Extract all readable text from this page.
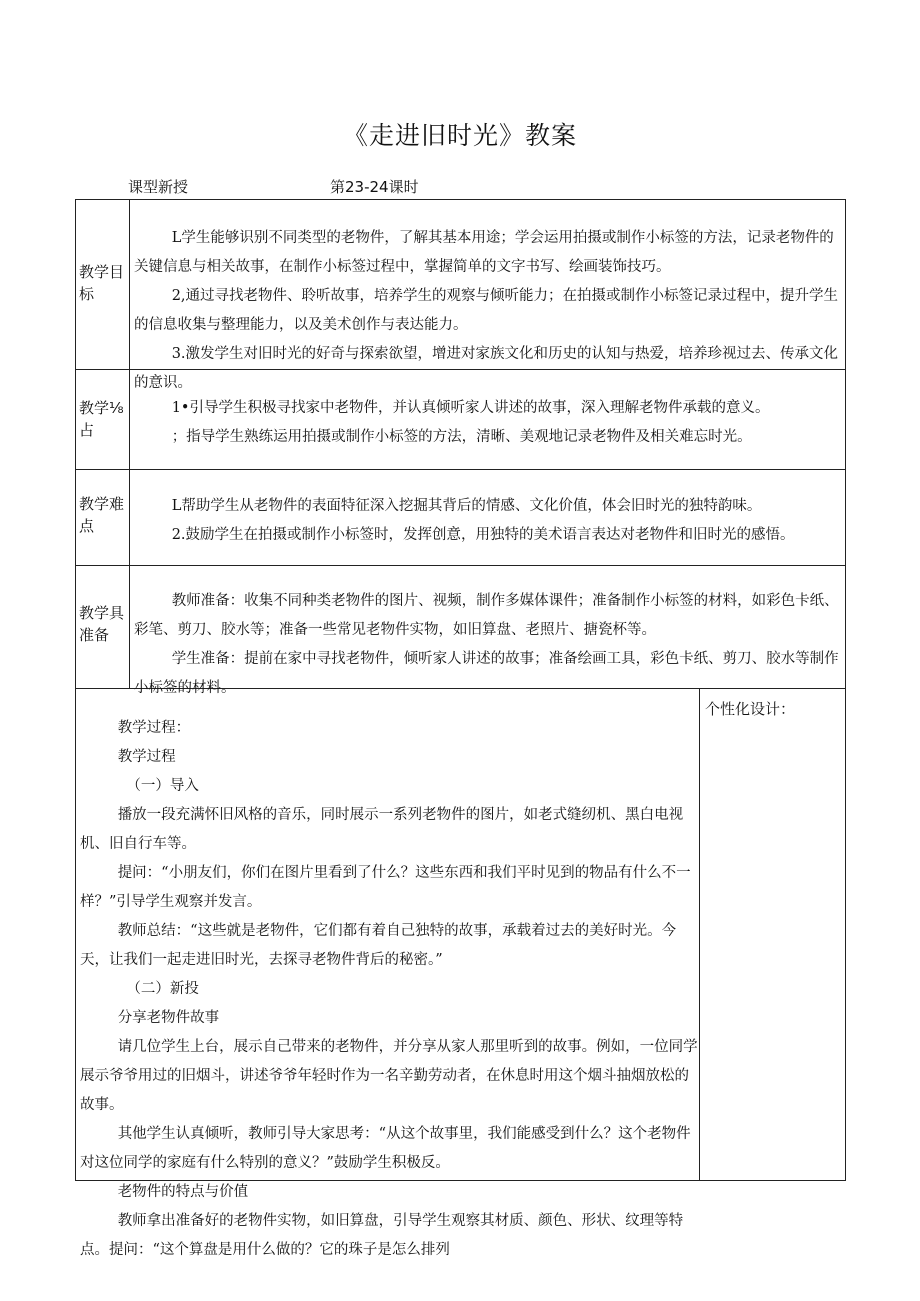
《走进旧时光》教案
课型新授	第23-24课时
教学目标

L学生能够识别不同类型的老物件，了解其基本用途；学会运用拍摄或制作小标签的方法，记录老物件的关键信息与相关故事，在制作小标签过程中，掌握简单的文字书写、绘画装饰技巧。

2,通过寻找老物件、聆听故事，培养学生的观察与倾听能力；在拍摄或制作小标签记录过程中，提升学生的信息收集与整理能力，以及美术创作与表达能力。

3.激发学生对旧时光的好奇与探索欲望，增进对家族文化和历史的认知与热爱，培养珍视过去、传承文化的意识。

教学⅛占

1•引导学生积极寻找家中老物件，并认真倾听家人讲述的故事，深入理解老物件承载的意义。

；指导学生熟练运用拍摄或制作小标签的方法，清晰、美观地记录老物件及相关难忘时光。

教学难点

L帮助学生从老物件的表面特征深入挖掘其背后的情感、文化价值，体会旧时光的独特韵味。

2.鼓励学生在拍摄或制作小标签时，发挥创意，用独特的美术语言表达对老物件和旧时光的感悟。

教学具准备

教师准备：收集不同种类老物件的图片、视频，制作多媒体课件；准备制作小标签的材料，如彩色卡纸、彩笔、剪刀、胶水等；准备一些常见老物件实物，如旧算盘、老照片、搪瓷杯等。

学生准备：提前在家中寻找老物件，倾听家人讲述的故事；准备绘画工具，彩色卡纸、剪刀、胶水等制作小标签的材料。

教学过程：

教学过程

（一）导入

播放一段充满怀旧风格的音乐，同时展示一系列老物件的图片，如老式缝纫机、黑白电视机、旧自行车等。

提问：“小朋友们，你们在图片里看到了什么？这些东西和我们平时见到的物品有什么不一样？”引导学生观察并发言。

教师总结：“这些就是老物件，它们都有着自己独特的故事，承载着过去的美好时光。今天，让我们一起走进旧时光，去探寻老物件背后的秘密。”

（二）新投

分享老物件故事

请几位学生上台，展示自己带来的老物件，并分享从家人那里听到的故事。例如，一位同学展示爷爷用过的旧烟斗，讲述爷爷年轻时作为一名辛勤劳动者，在休息时用这个烟斗抽烟放松的故事。

其他学生认真倾听，教师引导大家思考：“从这个故事里，我们能感受到什么？这个老物件对这位同学的家庭有什么特别的意义？”鼓励学生积极反。

老物件的特点与价值

教师拿出准备好的老物件实物，如旧算盘，引导学生观察其材质、颜色、形状、纹理等特点。提问：“这个算盘是用什么做的？它的珠子是怎么排列

个性化设计：
